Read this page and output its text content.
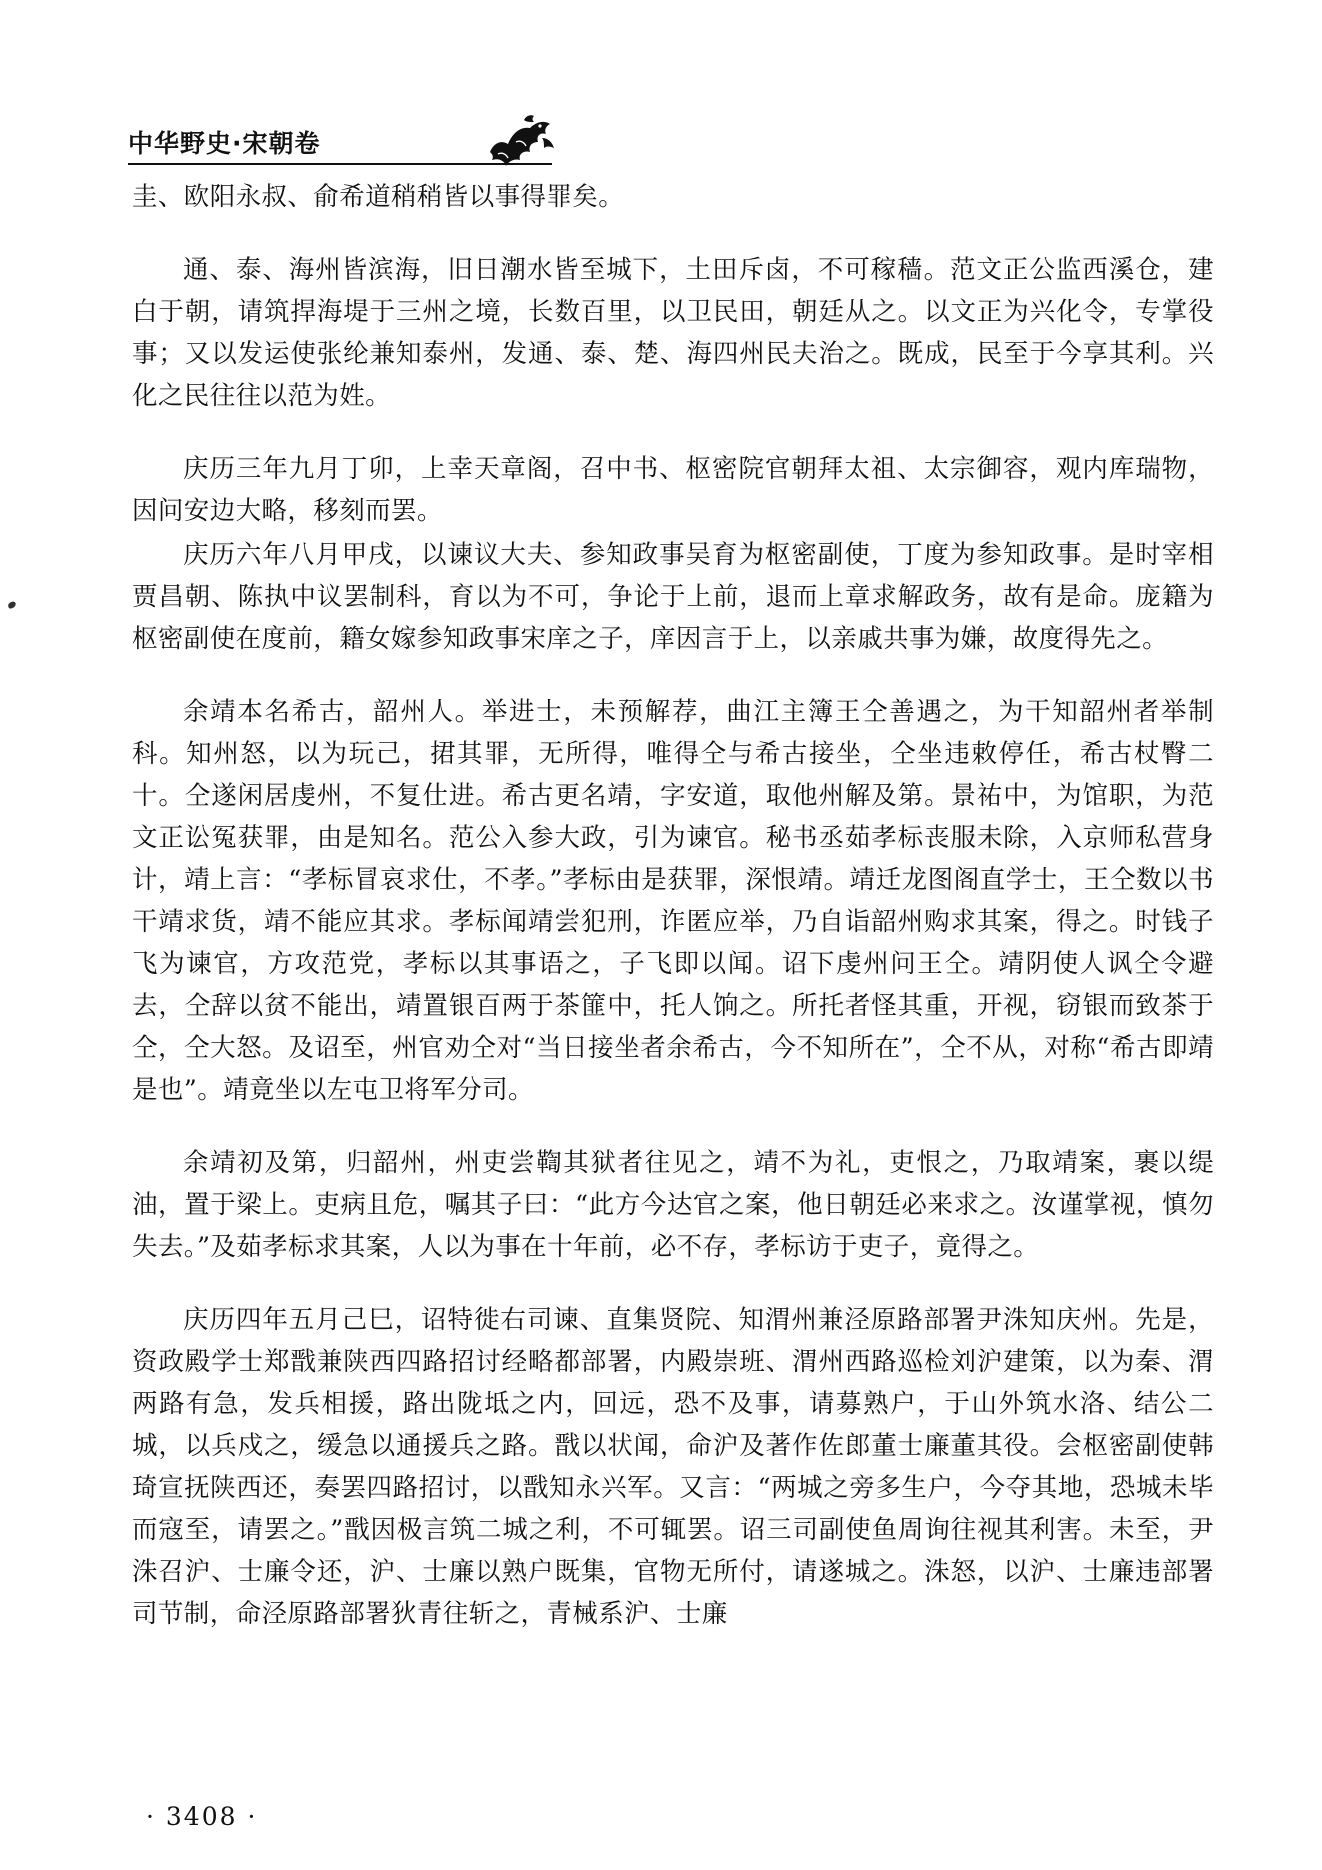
中华野史·宋朝卷

圭、欧阳永叔、俞希道稍稍皆以事得罪矣。

通、泰、海州皆滨海，旧日潮水皆至城下，土田斥卤，不可稼穑。范文正公监西溪仓，建白于朝，请筑捍海堤于三州之境，长数百里，以卫民田，朝廷从之。以文正为兴化令，专掌役事；又以发运使张纶兼知泰州，发通、泰、楚、海四州民夫治之。既成，民至于今享其利。兴化之民往往以范为姓。

庆历三年九月丁卯，上幸天章阁，召中书、枢密院官朝拜太祖、太宗御容，观内库瑞物，因问安边大略，移刻而罢。

庆历六年八月甲戌，以谏议大夫、参知政事吴育为枢密副使，丁度为参知政事。是时宰相贾昌朝、陈执中议罢制科，育以为不可，争论于上前，退而上章求解政务，故有是命。庞籍为枢密副使在度前，籍女嫁参知政事宋庠之子，庠因言于上，以亲戚共事为嫌，故度得先之。

余靖本名希古，韶州人。举进士，未预解荐，曲江主簿王仝善遇之，为干知韶州者举制科。知州怒，以为玩己，捃其罪，无所得，唯得仝与希古接坐，仝坐违敕停任，希古杖臀二十。仝遂闲居虔州，不复仕进。希古更名靖，字安道，取他州解及第。景祐中，为馆职，为范文正讼冤获罪，由是知名。范公入参大政，引为谏官。秘书丞茹孝标丧服未除，入京师私营身计，靖上言：“孝标冒哀求仕，不孝。”孝标由是获罪，深恨靖。靖迁龙图阁直学士，王仝数以书干靖求货，靖不能应其求。孝标闻靖尝犯刑，诈匿应举，乃自诣韶州购求其案，得之。时钱子飞为谏官，方攻范党，孝标以其事语之，子飞即以闻。诏下虔州问王仝。靖阴使人讽仝令避去，仝辞以贫不能出，靖置银百两于茶篚中，托人饷之。所托者怪其重，开视，窃银而致茶于仝，仝大怒。及诏至，州官劝仝对“当日接坐者余希古，今不知所在”，仝不从，对称“希古即靖是也”。靖竟坐以左屯卫将军分司。

余靖初及第，归韶州，州吏尝鞫其狱者往见之，靖不为礼，吏恨之，乃取靖案，裹以缇油，置于梁上。吏病且危，嘱其子曰：“此方今达官之案，他日朝廷必来求之。汝谨掌视，慎勿失去。”及茹孝标求其案，人以为事在十年前，必不存，孝标访于吏子，竟得之。

庆历四年五月己巳，诏特徙右司谏、直集贤院、知渭州兼泾原路部署尹洙知庆州。先是，资政殿学士郑戬兼陕西四路招讨经略都部署，内殿崇班、渭州西路巡检刘沪建策，以为秦、渭两路有急，发兵相援，路出陇坻之内，回远，恐不及事，请募熟户，于山外筑水洛、结公二城，以兵戍之，缓急以通援兵之路。戬以状闻，命沪及著作佐郎董士廉董其役。会枢密副使韩琦宣抚陕西还，奏罢四路招讨，以戬知永兴军。又言：“两城之旁多生户，今夺其地，恐城未毕而寇至，请罢之。”戬因极言筑二城之利，不可辄罢。诏三司副使鱼周询往视其利害。未至，尹洙召沪、士廉令还，沪、士廉以熟户既集，官物无所付，请遂城之。洙怒，以沪、士廉违部署司节制，命泾原路部署狄青往斩之，青械系沪、士廉

· 3408 ·
